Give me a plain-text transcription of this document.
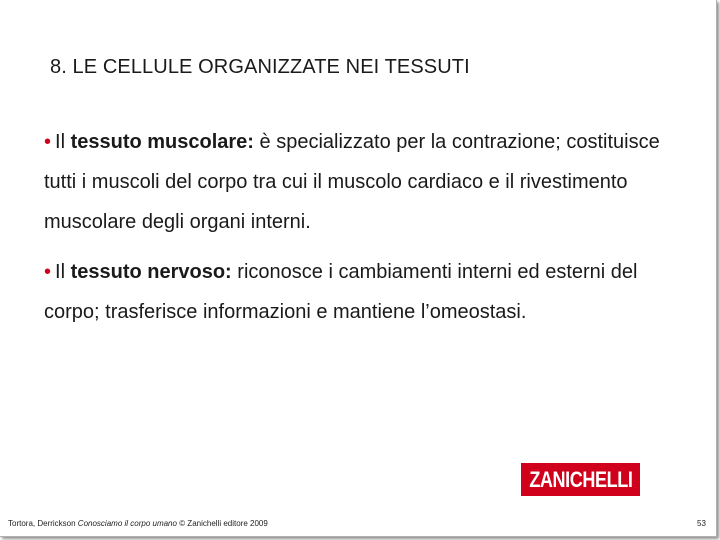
8. LE CELLULE ORGANIZZATE NEI TESSUTI

• Il tessuto muscolare: è specializzato per la contrazione; costituisce tutti i muscoli del corpo tra cui il muscolo cardiaco e il rivestimento muscolare degli organi interni.

• Il tessuto nervoso: riconosce i cambiamenti interni ed esterni del corpo; trasferisce informazioni e mantiene l’omeostasi.

ZANICHELLI
Tortora, Derrickson Conosciamo il corpo umano © Zanichelli editore 2009	53
